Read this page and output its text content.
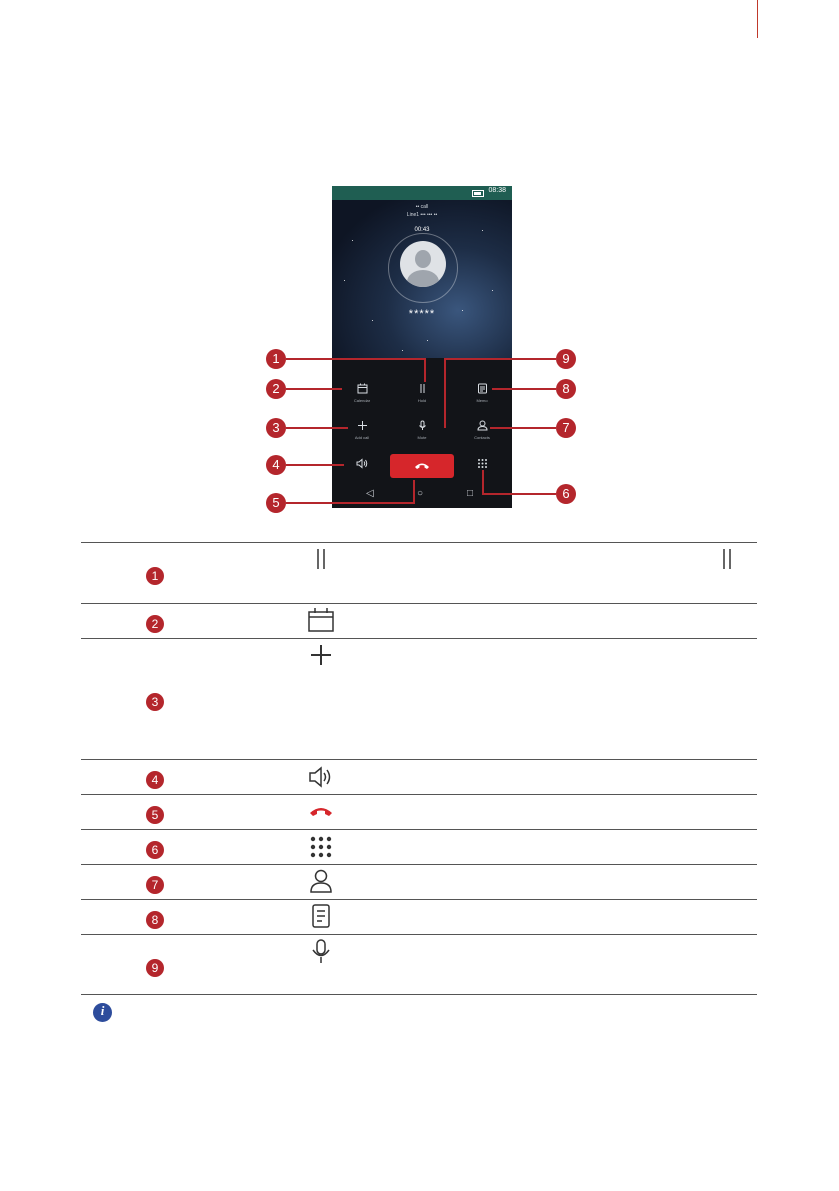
08:38
•• call
Line1 ••• ••• ••
00:43
*****
Calendar	Hold	Memo
Add call	Mute	Contacts
◁	○	□
1
2
3
4
5
6
7
8
9
1
2
3
4
5
6
7
8
9
i
